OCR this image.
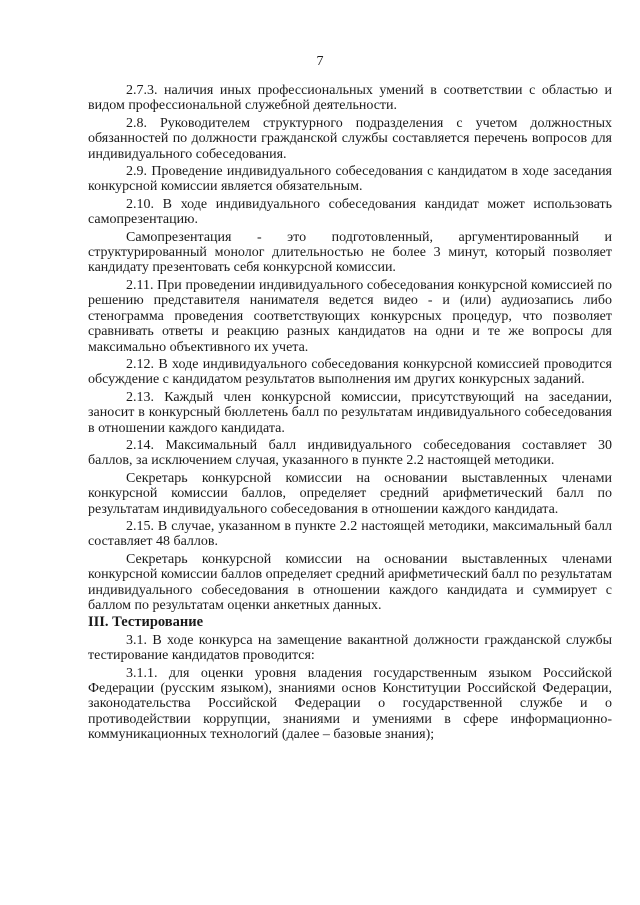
7

2.7.3. наличия иных профессиональных умений в соответствии с областью и видом профессиональной служебной деятельности.

2.8. Руководителем структурного подразделения с учетом должностных обязанностей по должности гражданской службы составляется перечень вопросов для индивидуального собеседования.

2.9. Проведение индивидуального собеседования с кандидатом в ходе заседания конкурсной комиссии является обязательным.

2.10. В ходе индивидуального собеседования кандидат может использовать самопрезентацию.

Самопрезентация - это подготовленный, аргументированный и структурированный монолог длительностью не более 3 минут, который позволяет кандидату презентовать себя конкурсной комиссии.

2.11. При проведении индивидуального собеседования конкурсной комиссией по решению представителя нанимателя ведется видео - и (или) аудиозапись либо стенограмма проведения соответствующих конкурсных процедур, что позволяет сравнивать ответы и реакцию разных кандидатов на одни и те же вопросы для максимально объективного их учета.

2.12. В ходе индивидуального собеседования конкурсной комиссией проводится обсуждение с кандидатом результатов выполнения им других конкурсных заданий.

2.13. Каждый член конкурсной комиссии, присутствующий на заседании, заносит в конкурсный бюллетень балл по результатам индивидуального собеседования в отношении каждого кандидата.

2.14. Максимальный балл индивидуального собеседования составляет 30 баллов, за исключением случая, указанного в пункте 2.2 настоящей методики.

Секретарь конкурсной комиссии на основании выставленных членами конкурсной комиссии баллов, определяет средний арифметический балл по результатам индивидуального собеседования в отношении каждого кандидата.

2.15. В случае, указанном в пункте 2.2 настоящей методики, максимальный балл составляет 48 баллов.

Секретарь конкурсной комиссии на основании выставленных членами конкурсной комиссии баллов определяет средний арифметический балл по результатам индивидуального собеседования в отношении каждого кандидата и суммирует с баллом по результатам оценки анкетных данных.

III. Тестирование

3.1. В ходе конкурса на замещение вакантной должности гражданской службы тестирование кандидатов проводится:

3.1.1. для оценки уровня владения государственным языком Российской Федерации (русским языком), знаниями основ Конституции Российской Федерации, законодательства Российской Федерации о государственной службе и о противодействии коррупции, знаниями и умениями в сфере информационно-коммуникационных технологий (далее – базовые знания);
